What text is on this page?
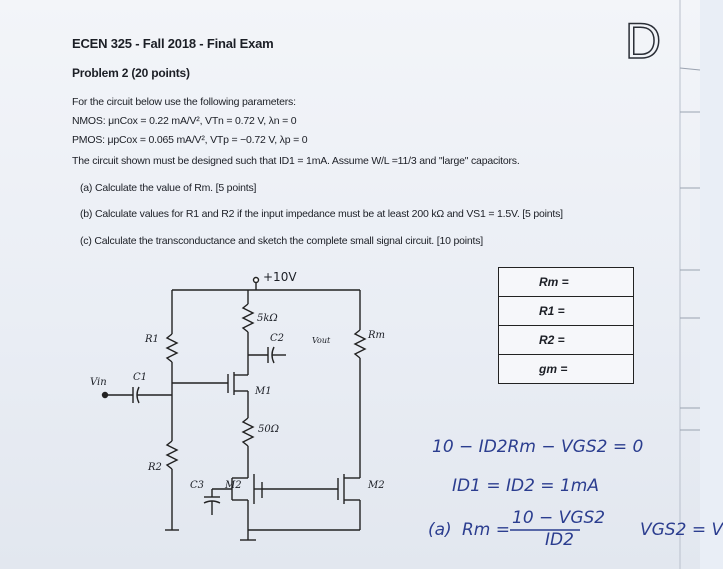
ECEN 325 - Fall 2018 - Final Exam	D
Problem 2 (20 points)
For the circuit below use the following parameters:
NMOS: μnCox = 0.22 mA/V², VTn = 0.72 V, λn = 0
PMOS: μpCox = 0.065 mA/V², VTp = −0.72 V, λp = 0
The circuit shown must be designed such that ID1 = 1mA. Assume W/L =11/3 and "large" capacitors.
(a) Calculate the value of Rm. [5 points]
(b) Calculate values for R1 and R2 if the input impedance must be at least 200 kΩ and VS1 = 1.5V. [5 points]
(c) Calculate the transconductance and sketch the complete small signal circuit. [10 points]
+10V
5kΩ
50Ω
R1
R2
Rm
C1
C2
C3
M1
M2	M2
Vin
Vout
Rm =
R1 =
R2 =
gm =
10 − ID2Rm − VGS2 = 0
ID1 = ID2 = 1mA
(a) Rm =
10 − VGS2
ID2	VGS2 = V
